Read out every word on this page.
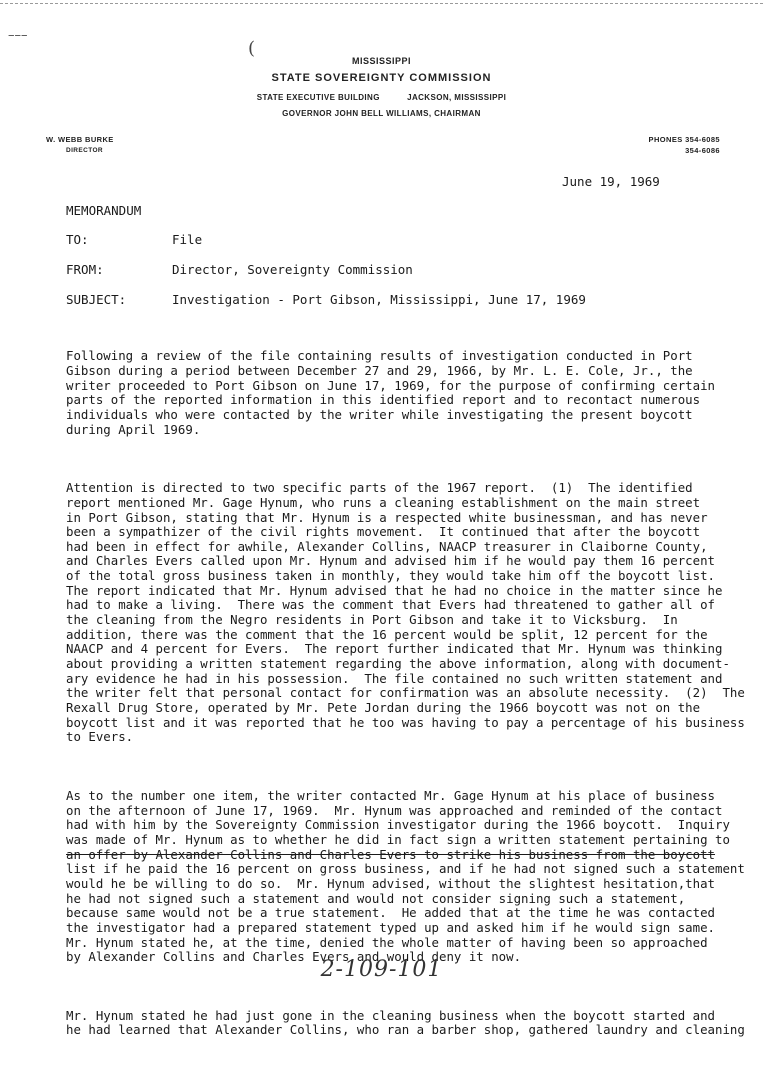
–––
(
MISSISSIPPI
STATE SOVEREIGNTY COMMISSION
STATE EXECUTIVE BUILDING	JACKSON, MISSISSIPPI
GOVERNOR JOHN BELL WILLIAMS, CHAIRMAN
W. WEBB BURKE
DIRECTOR
PHONES 354-6085
354-6086
June 19, 1969
MEMORANDUM
TO:	File
FROM:	Director, Sovereignty Commission
SUBJECT:	Investigation - Port Gibson, Mississippi, June 17, 1969

Following a review of the file containing results of investigation conducted in Port
Gibson during a period between December 27 and 29, 1966, by Mr. L. E. Cole, Jr., the
writer proceeded to Port Gibson on June 17, 1969, for the purpose of confirming certain
parts of the reported information in this identified report and to recontact numerous
individuals who were contacted by the writer while investigating the present boycott
during April 1969.

Attention is directed to two specific parts of the 1967 report.  (1)  The identified
report mentioned Mr. Gage Hynum, who runs a cleaning establishment on the main street
in Port Gibson, stating that Mr. Hynum is a respected white businessman, and has never
been a sympathizer of the civil rights movement.  It continued that after the boycott
had been in effect for awhile, Alexander Collins, NAACP treasurer in Claiborne County,
and Charles Evers called upon Mr. Hynum and advised him if he would pay them 16 percent
of the total gross business taken in monthly, they would take him off the boycott list.
The report indicated that Mr. Hynum advised that he had no choice in the matter since he
had to make a living.  There was the comment that Evers had threatened to gather all of
the cleaning from the Negro residents in Port Gibson and take it to Vicksburg.  In
addition, there was the comment that the 16 percent would be split, 12 percent for the
NAACP and 4 percent for Evers.  The report further indicated that Mr. Hynum was thinking
about providing a written statement regarding the above information, along with document-
ary evidence he had in his possession.  The file contained no such written statement and
the writer felt that personal contact for confirmation was an absolute necessity.  (2)  The
Rexall Drug Store, operated by Mr. Pete Jordan during the 1966 boycott was not on the
boycott list and it was reported that he too was having to pay a percentage of his business
to Evers.

As to the number one item, the writer contacted Mr. Gage Hynum at his place of business
on the afternoon of June 17, 1969.  Mr. Hynum was approached and reminded of the contact
had with him by the Sovereignty Commission investigator during the 1966 boycott.  Inquiry
was made of Mr. Hynum as to whether he did in fact sign a written statement pertaining to
an offer by Alexander Collins and Charles Evers to strike his business from the boycott
list if he paid the 16 percent on gross business, and if he had not signed such a statement
would he be willing to do so.  Mr. Hynum advised, without the slightest hesitation,that
he had not signed such a statement and would not consider signing such a statement,
because same would not be a true statement.  He added that at the time he was contacted
the investigator had a prepared statement typed up and asked him if he would sign same.
Mr. Hynum stated he, at the time, denied the whole matter of having been so approached
by Alexander Collins and Charles Evers and would deny it now.

Mr. Hynum stated he had just gone in the cleaning business when the boycott started and
he had learned that Alexander Collins, who ran a barber shop, gathered laundry and cleaning

2-109-101
